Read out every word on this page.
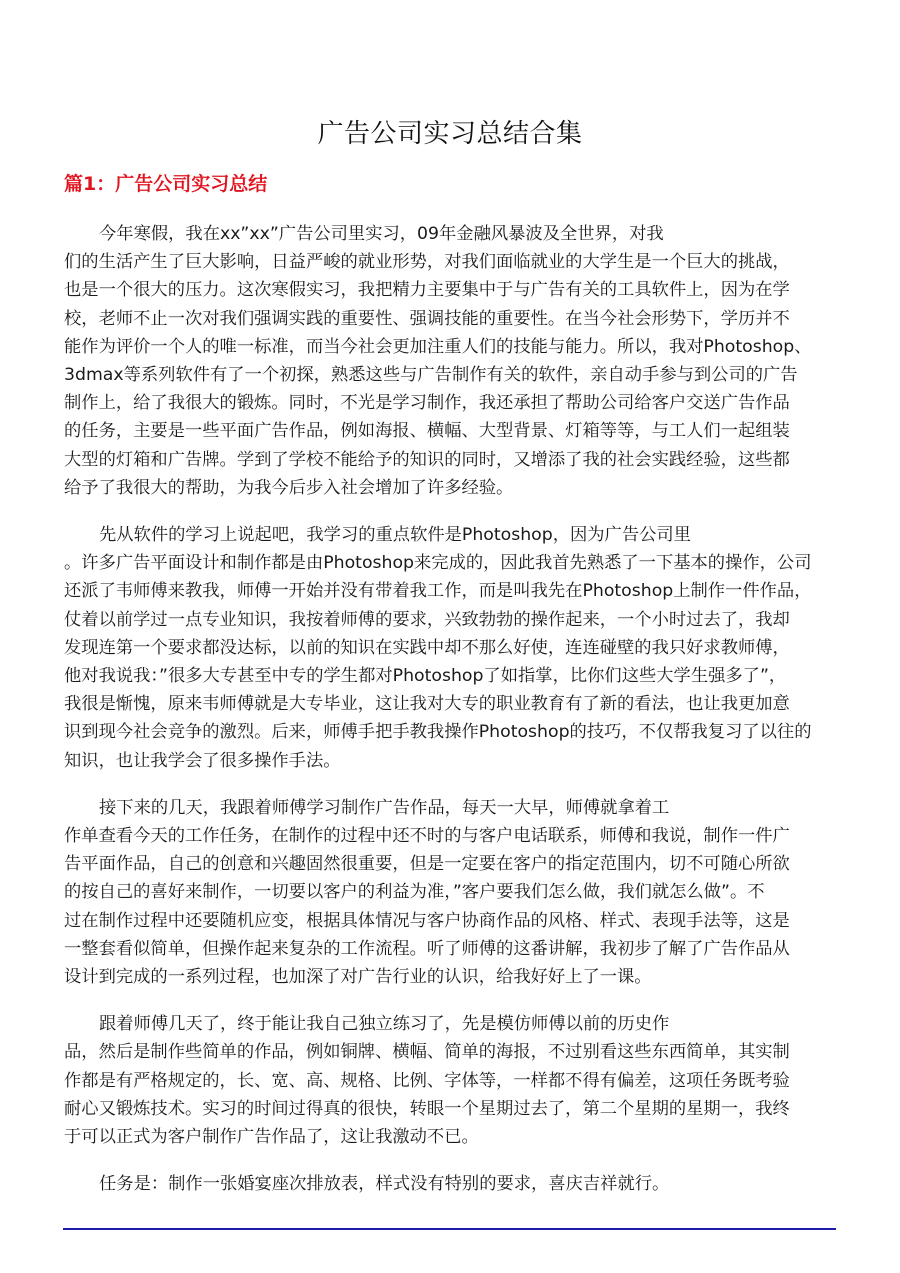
广告公司实习总结合集
篇1：广告公司实习总结

今年寒假，我在xx”xx”广告公司里实习，09年金融风暴波及全世界，对我
们的生活产生了巨大影响，日益严峻的就业形势，对我们面临就业的大学生是一个巨大的挑战，
也是一个很大的压力。这次寒假实习，我把精力主要集中于与广告有关的工具软件上，因为在学
校，老师不止一次对我们强调实践的重要性、强调技能的重要性。在当今社会形势下，学历并不
能作为评价一个人的唯一标准，而当今社会更加注重人们的技能与能力。所以，我对Photoshop、
3dmax等系列软件有了一个初探，熟悉这些与广告制作有关的软件，亲自动手参与到公司的广告
制作上，给了我很大的锻炼。同时，不光是学习制作，我还承担了帮助公司给客户交送广告作品
的任务，主要是一些平面广告作品，例如海报、横幅、大型背景、灯箱等等，与工人们一起组装
大型的灯箱和广告牌。学到了学校不能给予的知识的同时，又增添了我的社会实践经验，这些都
给予了我很大的帮助，为我今后步入社会增加了许多经验。

先从软件的学习上说起吧，我学习的重点软件是Photoshop，因为广告公司里
。许多广告平面设计和制作都是由Photoshop来完成的，因此我首先熟悉了一下基本的操作，公司
还派了韦师傅来教我，师傅一开始并没有带着我工作，而是叫我先在Photoshop上制作一件作品，
仗着以前学过一点专业知识，我按着师傅的要求，兴致勃勃的操作起来，一个小时过去了，我却
发现连第一个要求都没达标，以前的知识在实践中却不那么好使，连连碰壁的我只好求教师傅，
他对我说我：”很多大专甚至中专的学生都对Photoshop了如指掌，比你们这些大学生强多了”，
我很是惭愧，原来韦师傅就是大专毕业，这让我对大专的职业教育有了新的看法，也让我更加意
识到现今社会竞争的激烈。后来，师傅手把手教我操作Photoshop的技巧，不仅帮我复习了以往的
知识，也让我学会了很多操作手法。

接下来的几天，我跟着师傅学习制作广告作品，每天一大早，师傅就拿着工
作单查看今天的工作任务，在制作的过程中还不时的与客户电话联系，师傅和我说，制作一件广
告平面作品，自己的创意和兴趣固然很重要，但是一定要在客户的指定范围内，切不可随心所欲
的按自己的喜好来制作，一切要以客户的利益为准，”客户要我们怎么做，我们就怎么做”。不
过在制作过程中还要随机应变，根据具体情况与客户协商作品的风格、样式、表现手法等，这是
一整套看似简单，但操作起来复杂的工作流程。听了师傅的这番讲解，我初步了解了广告作品从
设计到完成的一系列过程，也加深了对广告行业的认识，给我好好上了一课。

跟着师傅几天了，终于能让我自己独立练习了，先是模仿师傅以前的历史作
品，然后是制作些简单的作品，例如铜牌、横幅、简单的海报，不过别看这些东西简单，其实制
作都是有严格规定的，长、宽、高、规格、比例、字体等，一样都不得有偏差，这项任务既考验
耐心又锻炼技术。实习的时间过得真的很快，转眼一个星期过去了，第二个星期的星期一，我终
于可以正式为客户制作广告作品了，这让我激动不已。

任务是：制作一张婚宴座次排放表，样式没有特别的要求，喜庆吉祥就行。
